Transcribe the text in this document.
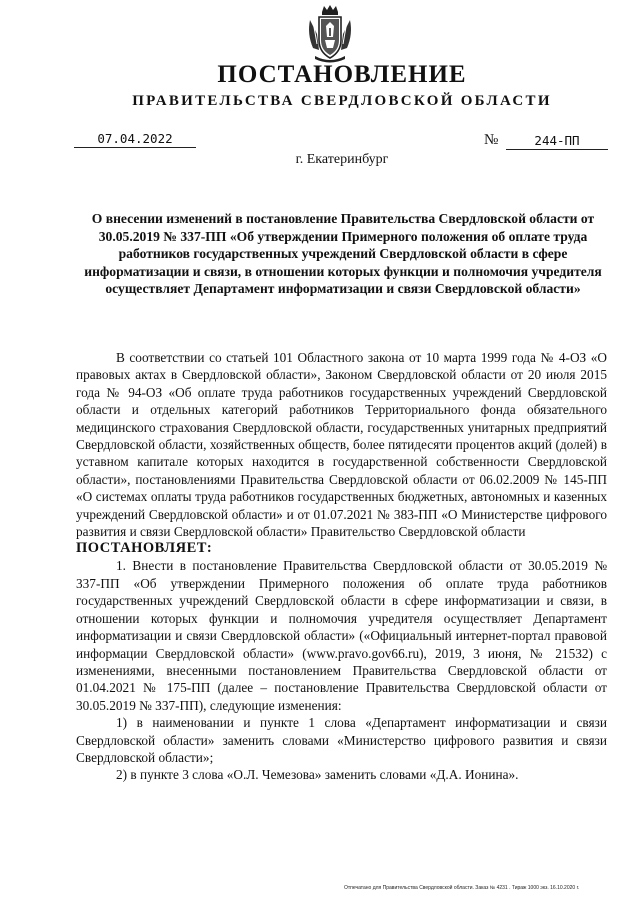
ПОСТАНОВЛЕНИЕ
ПРАВИТЕЛЬСТВА СВЕРДЛОВСКОЙ ОБЛАСТИ
07.04.2022	№	244-ПП
г. Екатеринбург
О внесении изменений в постановление Правительства Свердловской области от 30.05.2019 № 337-ПП «Об утверждении Примерного положения об оплате труда работников государственных учреждений Свердловской области в сфере информатизации и связи, в отношении которых функции и полномочия учредителя осуществляет Департамент информатизации и связи Свердловской области»

В соответствии со статьей 101 Областного закона от 10 марта 1999 года № 4-ОЗ «О правовых актах в Свердловской области», Законом Свердловской области от 20 июля 2015 года № 94-ОЗ «Об оплате труда работников государственных учреждений Свердловской области и отдельных категорий работников Территориального фонда обязательного медицинского страхования Свердловской области, государственных унитарных предприятий Свердловской области, хозяйственных обществ, более пятидесяти процентов акций (долей) в уставном капитале которых находится в государственной собственности Свердловской области», постановлениями Правительства Свердловской области от 06.02.2009 № 145-ПП «О системах оплаты труда работников государственных бюджетных, автономных и казенных учреждений Свердловской области» и от 01.07.2021 № 383-ПП «О Министерстве цифрового развития и связи Свердловской области» Правительство Свердловской области

ПОСТАНОВЛЯЕТ:

1. Внести в постановление Правительства Свердловской области от 30.05.2019 № 337-ПП «Об утверждении Примерного положения об оплате труда работников государственных учреждений Свердловской области в сфере информатизации и связи, в отношении которых функции и полномочия учредителя осуществляет Департамент информатизации и связи Свердловской области» («Официальный интернет-портал правовой информации Свердловской области» (www.pravo.gov66.ru), 2019, 3 июня, № 21532) с изменениями, внесенными постановлением Правительства Свердловской области от 01.04.2021 № 175-ПП (далее – постановление Правительства Свердловской области от 30.05.2019 № 337-ПП), следующие изменения:

1) в наименовании и пункте 1 слова «Департамент информатизации и связи Свердловской области» заменить словами «Министерство цифрового развития и связи Свердловской области»;

2) в пункте 3 слова «О.Л. Чемезова» заменить словами «Д.А. Ионина».

Отпечатано для Правительства Свердловской области. Заказ № 4231 . Тираж 1000 экз. 16.10.2020 г.
